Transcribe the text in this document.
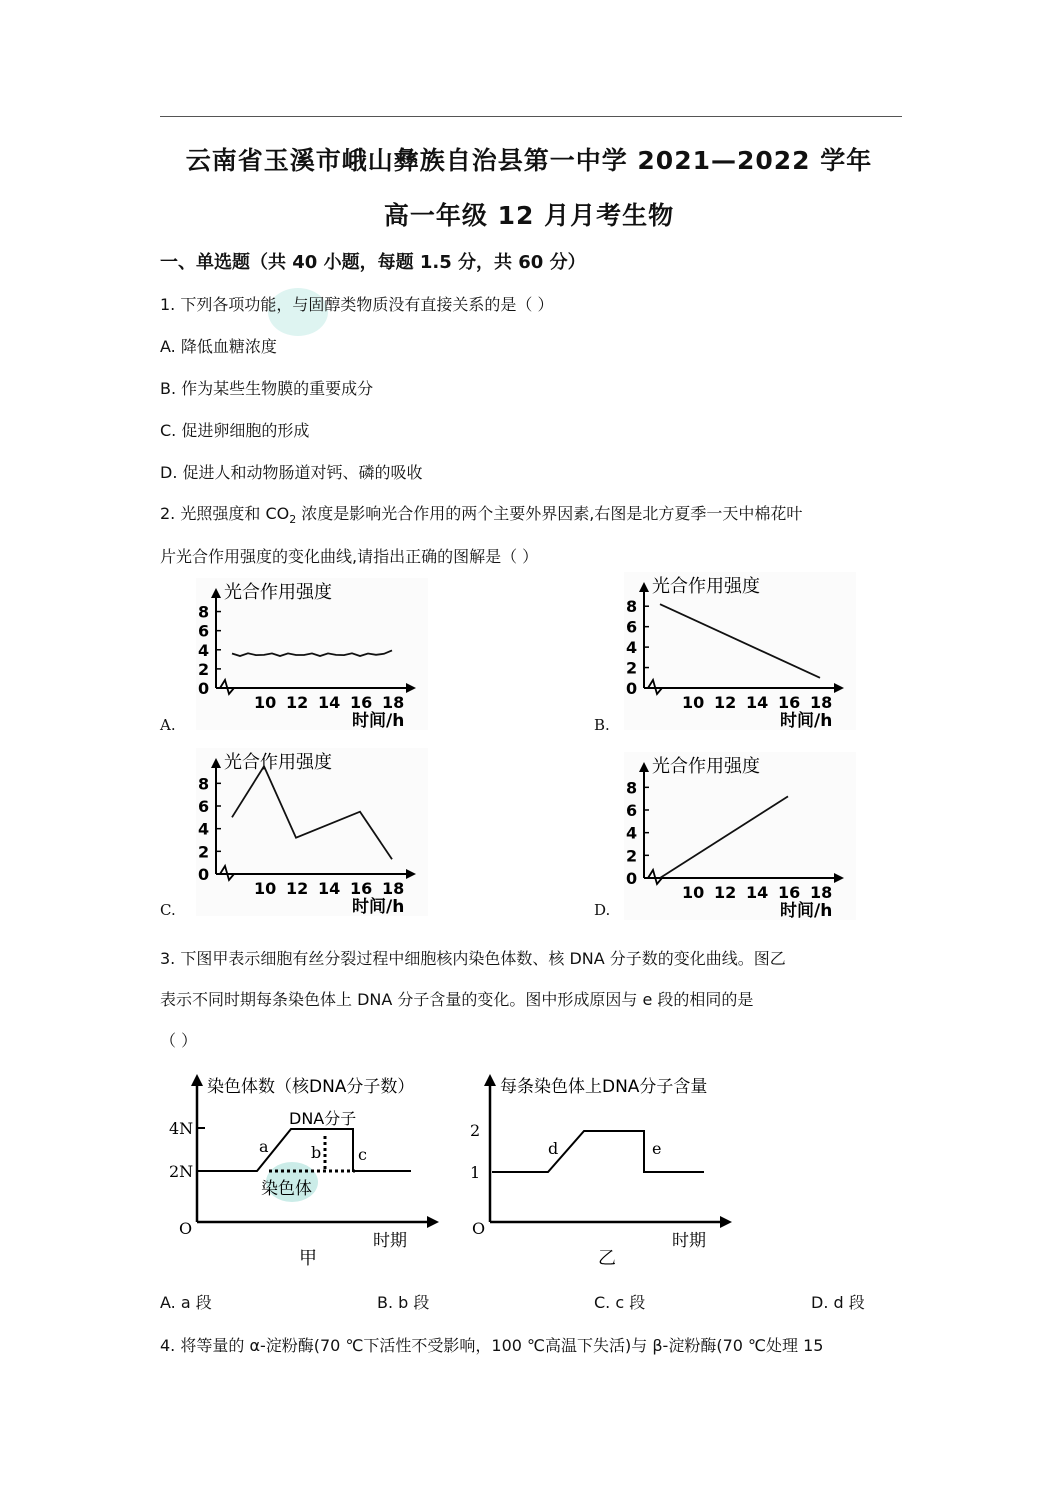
云南省玉溪市峨山彝族自治县第一中学 2021—2022 学年
高一年级 12 月月考生物
一、单选题（共 40 小题，每题 1.5 分，共 60 分）
1. 下列各项功能，与固醇类物质没有直接关系的是（ ）
A. 降低血糖浓度
B. 作为某些生物膜的重要成分
C. 促进卵细胞的形成
D. 促进人和动物肠道对钙、磷的吸收
2. 光照强度和 $CO_2$ 浓度是影响光合作用的两个主要外界因素,右图是北方夏季一天中棉花叶
片光合作用强度的变化曲线,请指出正确的图解是（ ）
A.	B.
C.	D.
光合作用强度
0
2
4
6
8
10 12 14 16 18
时间/h
光合作用强度
0
2
4
6
8
10 12 14 16 18
时间/h
光合作用强度
0
2
4
6
8
10 12 14 16 18
时间/h
光合作用强度
0
2
4
6
8
10 12 14 16 18
时间/h
3. 下图甲表示细胞有丝分裂过程中细胞核内染色体数、核 DNA 分子数的变化曲线。图乙
表示不同时期每条染色体上 DNA 分子含量的变化。图中形成原因与 e 段的相同的是
（ ）
染色体数（核DNA分子数）
4N
2N
O
DNA分子
染色体
a	b c
时期
甲
每条染色体上DNA分子含量
2
1
O
d	e
时期
乙
A. a 段	B. b 段	C. c 段	D. d 段
4. 将等量的 α-淀粉酶(70 ℃下活性不受影响，100 ℃高温下失活)与 β-淀粉酶(70 ℃处理 15
